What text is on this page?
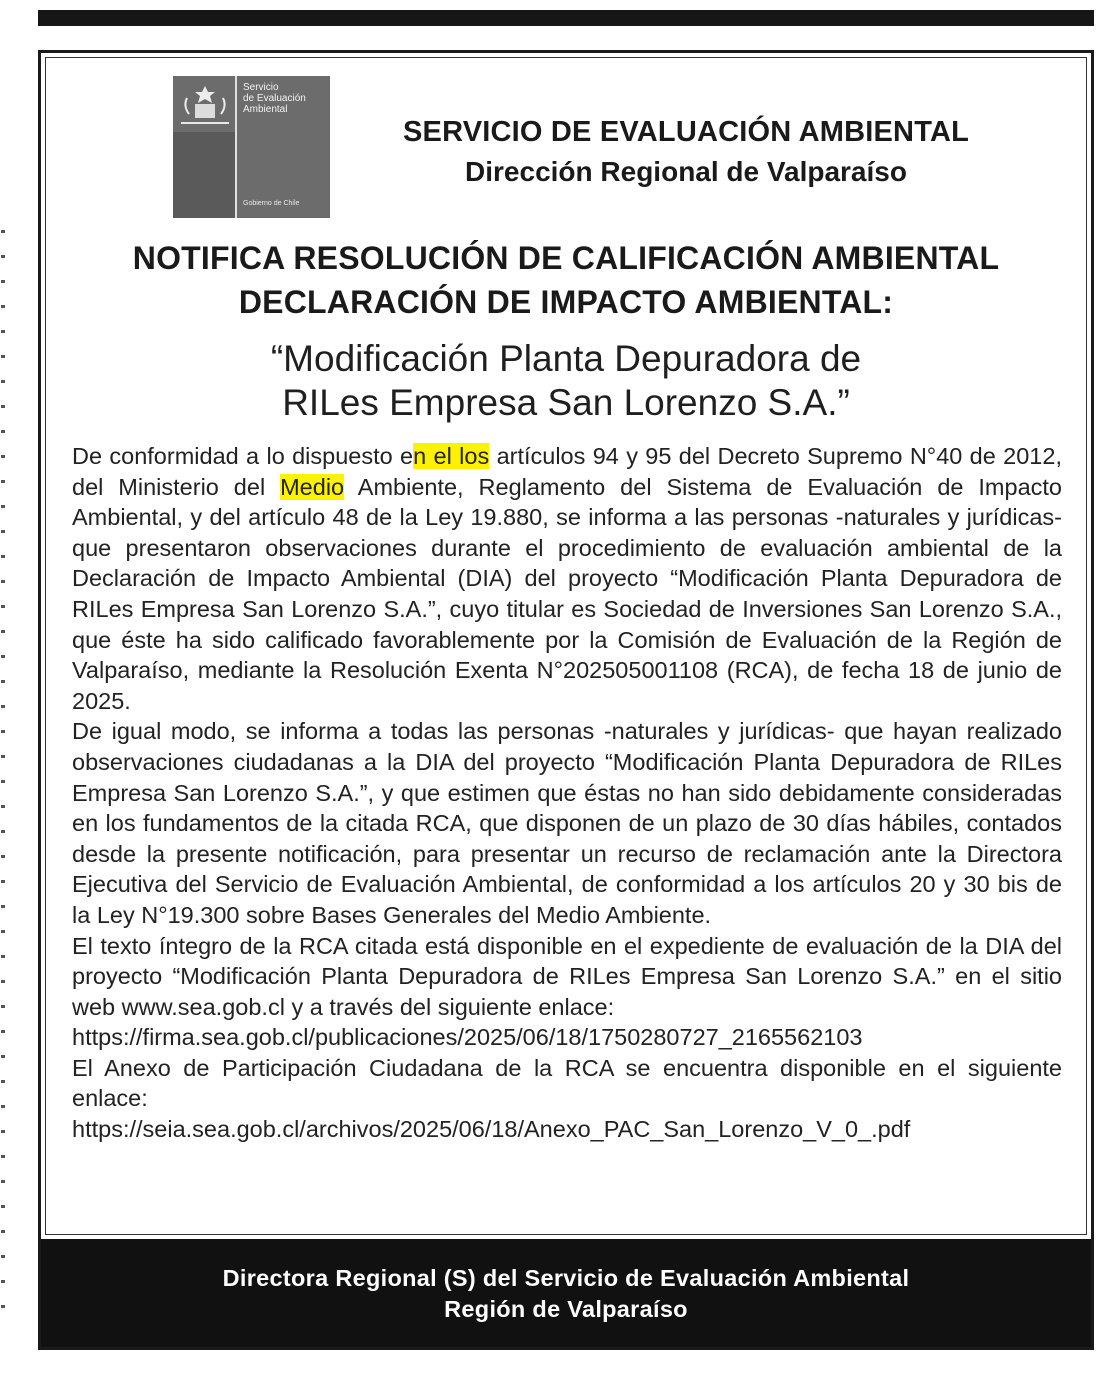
Servicio
de Evaluación
Ambiental
Gobierno de Chile
SERVICIO DE EVALUACIÓN AMBIENTAL
Dirección Regional de Valparaíso
NOTIFICA RESOLUCIÓN DE CALIFICACIÓN AMBIENTAL
DECLARACIÓN DE IMPACTO AMBIENTAL:
“Modificación Planta Depuradora de
RILes Empresa San Lorenzo S.A.”

De conformidad a lo dispuesto en el los artículos 94 y 95 del Decreto Supremo N°40 de 2012, del Ministerio del Medio Ambiente, Reglamento del Sistema de Evaluación de Impacto Ambiental, y del artículo 48 de la Ley 19.880, se informa a las personas -naturales y jurídicas- que presentaron observaciones durante el procedimiento de evaluación ambiental de la Declaración de Impacto Ambiental (DIA) del proyecto “Modificación Planta Depuradora de RILes Empresa San Lorenzo S.A.”, cuyo titular es Sociedad de Inversiones San Lorenzo S.A., que éste ha sido calificado favorablemente por la Comisión de Evaluación de la Región de Valparaíso, mediante la Resolución Exenta N°202505001108 (RCA), de fecha 18 de junio de 2025.

De igual modo, se informa a todas las personas -naturales y jurídicas- que hayan realizado observaciones ciudadanas a la DIA del proyecto “Modificación Planta Depuradora de RILes Empresa San Lorenzo S.A.”, y que estimen que éstas no han sido debidamente consideradas en los fundamentos de la citada RCA, que disponen de un plazo de 30 días hábiles, contados desde la presente notificación, para presentar un recurso de reclamación ante la Directora Ejecutiva del Servicio de Evaluación Ambiental, de conformidad a los artículos 20 y 30 bis de la Ley N°19.300 sobre Bases Generales del Medio Ambiente.

El texto íntegro de la RCA citada está disponible en el expediente de evaluación de la DIA del proyecto “Modificación Planta Depuradora de RILes Empresa San Lorenzo S.A.” en el sitio web www.sea.gob.cl y a través del siguiente enlace:

https://firma.sea.gob.cl/publicaciones/2025/06/18/1750280727_2165562103

El Anexo de Participación Ciudadana de la RCA se encuentra disponible en el siguiente enlace:

https://seia.sea.gob.cl/archivos/2025/06/18/Anexo_PAC_San_Lorenzo_V_0_.pdf

Directora Regional (S) del Servicio de Evaluación Ambiental
Región de Valparaíso
